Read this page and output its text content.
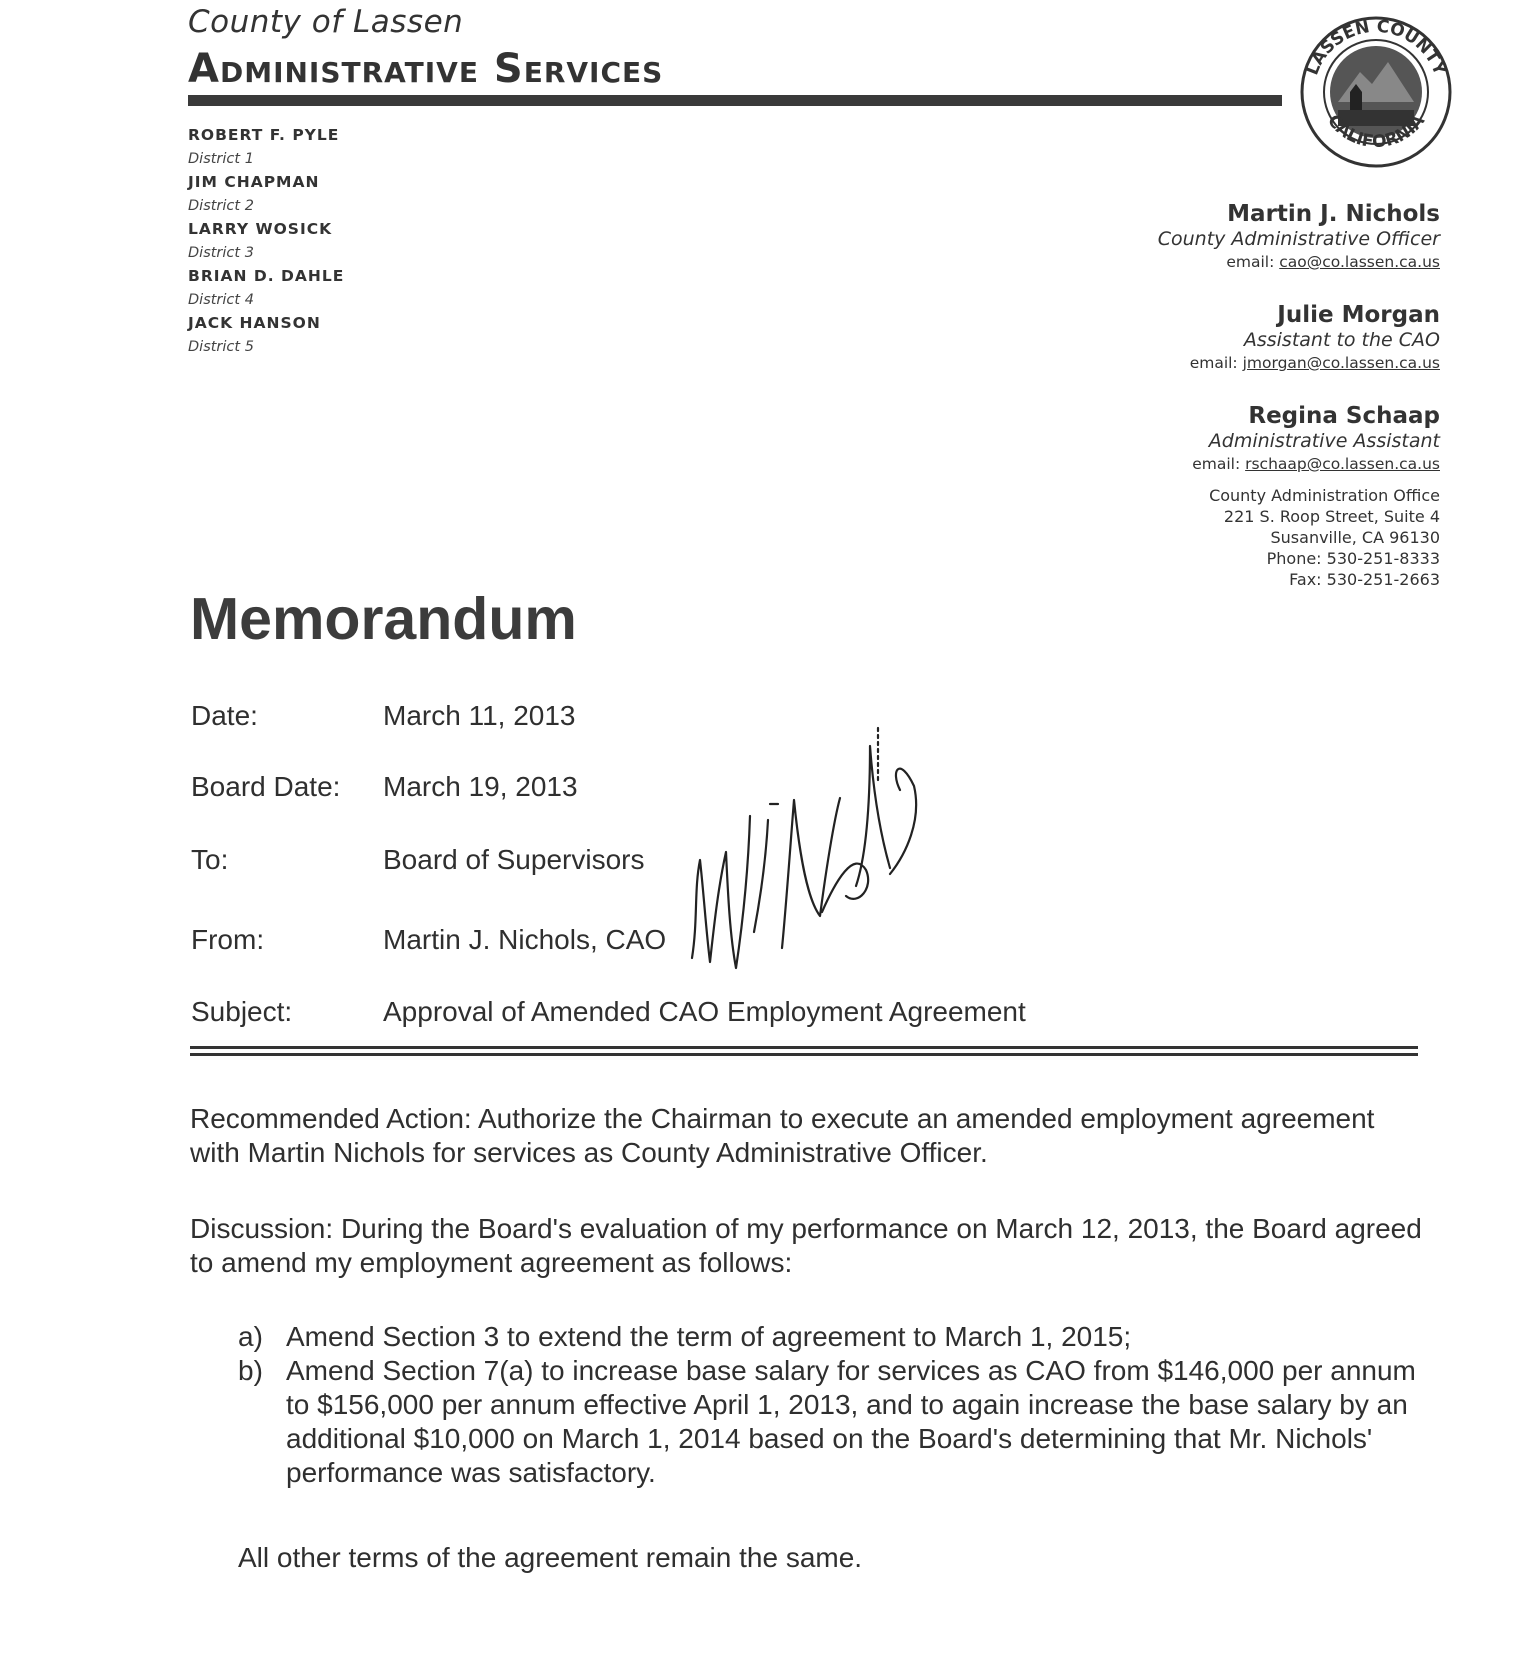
County of Lassen
Administrative Services	LASSEN COUNTY
CALIFORNIA
ROBERT F. PYLE
District 1
JIM CHAPMAN
District 2
LARRY WOSICK
District 3
BRIAN D. DAHLE
District 4
JACK HANSON
District 5
Martin J. Nichols
County Administrative Officer
email: cao@co.lassen.ca.us
Julie Morgan
Assistant to the CAO
email: jmorgan@co.lassen.ca.us
Regina Schaap
Administrative Assistant
email: rschaap@co.lassen.ca.us
County Administration Office
221 S. Roop Street, Suite 4
Susanville, CA 96130
Phone: 530-251-8333
Fax: 530-251-2663
Memorandum
Date:	March 11, 2013
Board Date: March 19, 2013
To:	Board of Supervisors
From:	Martin J. Nichols, CAO
Subject:	Approval of Amended CAO Employment Agreement
Recommended Action: Authorize the Chairman to execute an amended employment agreement with Martin Nichols for services as County Administrative Officer.
Discussion: During the Board's evaluation of my performance on March 12, 2013, the Board agreed to amend my employment agreement as follows:
a) Amend Section 3 to extend the term of agreement to March 1, 2015;
b) Amend Section 7(a) to increase base salary for services as CAO from $146,000 per annum to $156,000 per annum effective April 1, 2013, and to again increase the base salary by an additional $10,000 on March 1, 2014 based on the Board's determining that Mr. Nichols' performance was satisfactory.
All other terms of the agreement remain the same.
